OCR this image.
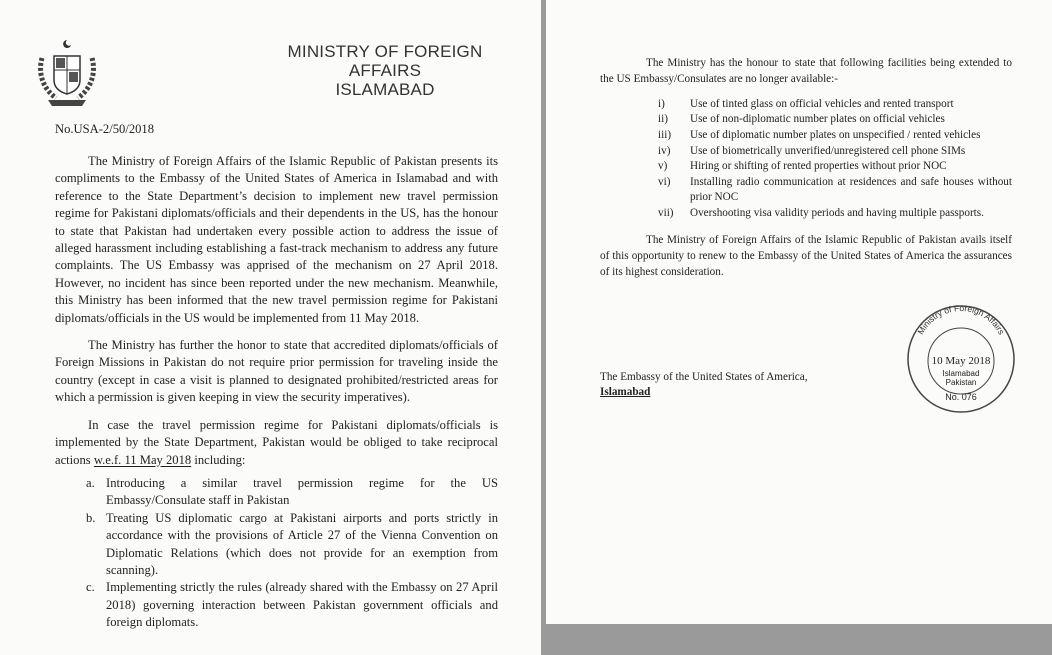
MINISTRY OF FOREIGN AFFAIRS
ISLAMABAD
No.USA-2/50/2018
The Ministry of Foreign Affairs of the Islamic Republic of Pakistan presents its compliments to the Embassy of the United States of America in Islamabad and with reference to the State Department’s decision to implement new travel permission regime for Pakistani diplomats/officials and their dependents in the US, has the honour to state that Pakistan had undertaken every possible action to address the issue of alleged harassment including establishing a fast-track mechanism to address any future complaints. The US Embassy was apprised of the mechanism on 27 April 2018. However, no incident has since been reported under the new mechanism. Meanwhile, this Ministry has been informed that the new travel permission regime for Pakistani diplomats/officials in the US would be implemented from 11 May 2018.
The Ministry has further the honor to state that accredited diplomats/officials of Foreign Missions in Pakistan do not require prior permission for traveling inside the country (except in case a visit is planned to designated prohibited/restricted areas for which a permission is given keeping in view the security imperatives).
In case the travel permission regime for Pakistani diplomats/officials is implemented by the State Department, Pakistan would be obliged to take reciprocal actions w.e.f. 11 May 2018 including:
a. Introducing a similar travel permission regime for the US Embassy/Consulate staff in Pakistan
b. Treating US diplomatic cargo at Pakistani airports and ports strictly in accordance with the provisions of Article 27 of the Vienna Convention on Diplomatic Relations (which does not provide for an exemption from scanning).
c. Implementing strictly the rules (already shared with the Embassy on 27 April 2018) governing interaction between Pakistan government officials and foreign diplomats.
The Ministry has the honour to state that following facilities being extended to the US Embassy/Consulates are no longer available:-
i)	Use of tinted glass on official vehicles and rented transport
ii)	Use of non-diplomatic number plates on official vehicles
iii)	Use of diplomatic number plates on unspecified / rented vehicles
iv)	Use of biometrically unverified/unregistered cell phone SIMs
v)	Hiring or shifting of rented properties without prior NOC
vi)	Installing radio communication at residences and safe houses without prior NOC
vii)	Overshooting visa validity periods and having multiple passports.
The Ministry of Foreign Affairs of the Islamic Republic of Pakistan avails itself of this opportunity to renew to the Embassy of the United States of America the assurances of its highest consideration.
The Embassy of the United States of America,
Islamabad
Ministry of Foreign Affairs
10 May 2018
Islamabad Pakistan
No. 076
